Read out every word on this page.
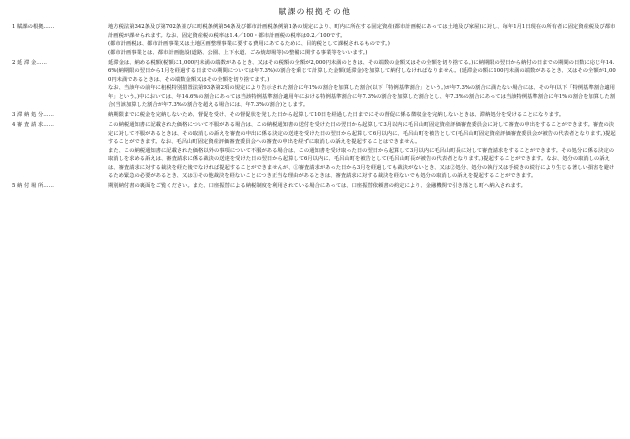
賦課の根拠その他
1 賦課の根拠……	地方税法第342条及び第702条並びに町税条例第54条及び都市計画税条例第1条の規定により、町内に所在する固定資産(都市計画税にあっては土地及び家屋)に対し、毎年1月1日現在の所有者に固定資産税及び都市計画税が課せられます。なお、固定資産税の税率は1.4／100・都市計画税の税率は0.2／100です。

(都市計画税は、都市計画事業又は土地区画整理事業に要する費用にあてるために、目的税として課税されるものです。)

(都市計画事業とは、都市計画施設(道路、公園、上下水道、ごみ焼却場等)の整備に関する事業等をいいます。)

2 延 滞 金……	延滞金は、納める税額(税額に1,000円未満の端数があるとき、又はその税額の全額が2,000円未満のときは、その端数の金額又はその全額を切り捨てる。)に納期限の翌日から納付の日までの期間の日数に応じ年14.6%(納期限の翌日から1月を経過する日までの期間については年7.3%)の割合を乗じて計算した金額(延滞金)を加算して納付しなければなりません。(延滞金の額に100円未満の端数があるとき、又はその全額が1,000円未満であるときは、その端数金額又はその全額を切り捨てます。)

なお、当該年の前年に租税特別措置法第93条第2項の規定により告示された割合に年1%の割合を加算した割合(以下「特例基準割合」という。)が年7.3%の割合に満たない場合には、その年(以下「特例基準割合適用年」という。)中においては、年14.6%の割合にあっては当該特例基準割合適用年における特例基準割合に年7.3%の割合を加算した割合とし、年7.3%の割合にあっては当該特例基準割合に年1%の割合を加算した割合(当該加算した割合が年7.3%の割合を超える場合には、年7.3%の割合)とします。

3 滞 納 処 分……	納期限までに税金を完納しないため、督促を受け、その督促状を発した日から起算して10日を経過した日までにその督促に係る徴収金を完納しないときは、滞納処分を受けることになります。

4 審 査 請 求……	この納税通知書に記載された価格について不服がある場合は、この納税通知書の送付を受けた日の翌日から起算して3月以内に毛呂山町固定資産評価審査委員会に対して審査の申出をすることができます。審査の決定に対して不服があるときは、その取消しの訴えを審査の申出に係る決定の送達を受けた日の翌日から起算して6月以内に、毛呂山町を被告として(毛呂山町固定資産評価審査委員会が被告の代表者となります。)提起することができます。なお、毛呂山町固定資産評価審査委員会への審査の申出を経ずに取消しの訴えを提起することはできません。

また、この納税通知書に記載された価格以外の事項について不服がある場合は、この通知書を受け取った日の翌日から起算して3月以内に毛呂山町長に対して審査請求をすることができます。その処分に係る決定の取消しを求める訴えは、審査請求に係る裁決の送達を受けた日の翌日から起算して6月以内に、毛呂山町を被告として(毛呂山町長が被告の代表者となります。)提起することができます。なお、処分の取消しの訴えは、審査請求に対する裁決を経た後でなければ提起することができませんが、①審査請求があった日から3月を経過しても裁決がないとき、又は②処分、処分の執行又は手続きの続行により生じる著しい損害を避けるため緊急の必要があるとき、又は③その他裁決を経ないことにつき正当な理由があるときは、審査請求に対する裁決を経ないでも処分の取消しの訴えを提起することができます。

5 納 付 場 所……	期別納付書の裏面をご覧ください。また、口座振替による納税制度を利用されている場合にあっては、口座振替依頼書の約定により、金融機関で引き落とし町へ納入されます。
